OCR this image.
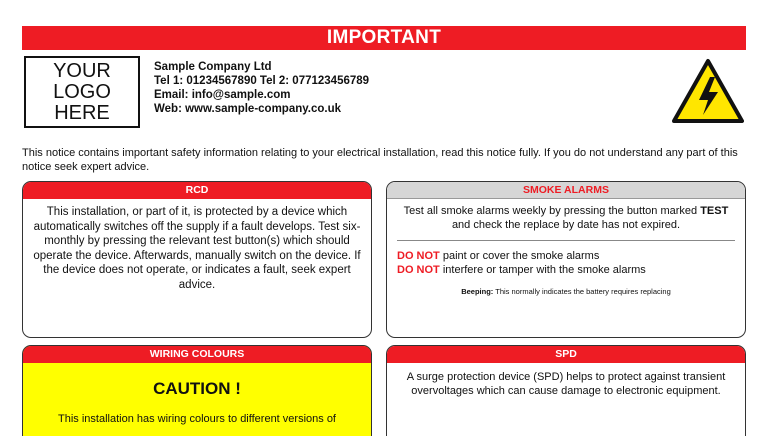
IMPORTANT
YOUR
LOGO
HERE
Sample Company Ltd
Tel 1: 01234567890 Tel 2: 077123456789
Email: info@sample.com
Web: www.sample-company.co.uk
This notice contains important safety information relating to your electrical installation, read this notice fully. If you do not understand any part of this notice seek expert advice.
RCD
This installation, or part of it, is protected by a device which automatically switches off the supply if a fault develops. Test six-monthly by pressing the relevant test button(s) which should operate the device. Afterwards, manually switch on the device. If the device does not operate, or indicates a fault, seek expert advice.
SMOKE ALARMS
Test all smoke alarms weekly by pressing the button marked TEST and check the replace by date has not expired.
DO NOT paint or cover the smoke alarms
DO NOT interfere or tamper with the smoke alarms
Beeping: This normally indicates the battery requires replacing
WIRING COLOURS
CAUTION !
This installation has wiring colours to different versions of
SPD
A surge protection device (SPD) helps to protect against transient overvoltages which can cause damage to electronic equipment.
